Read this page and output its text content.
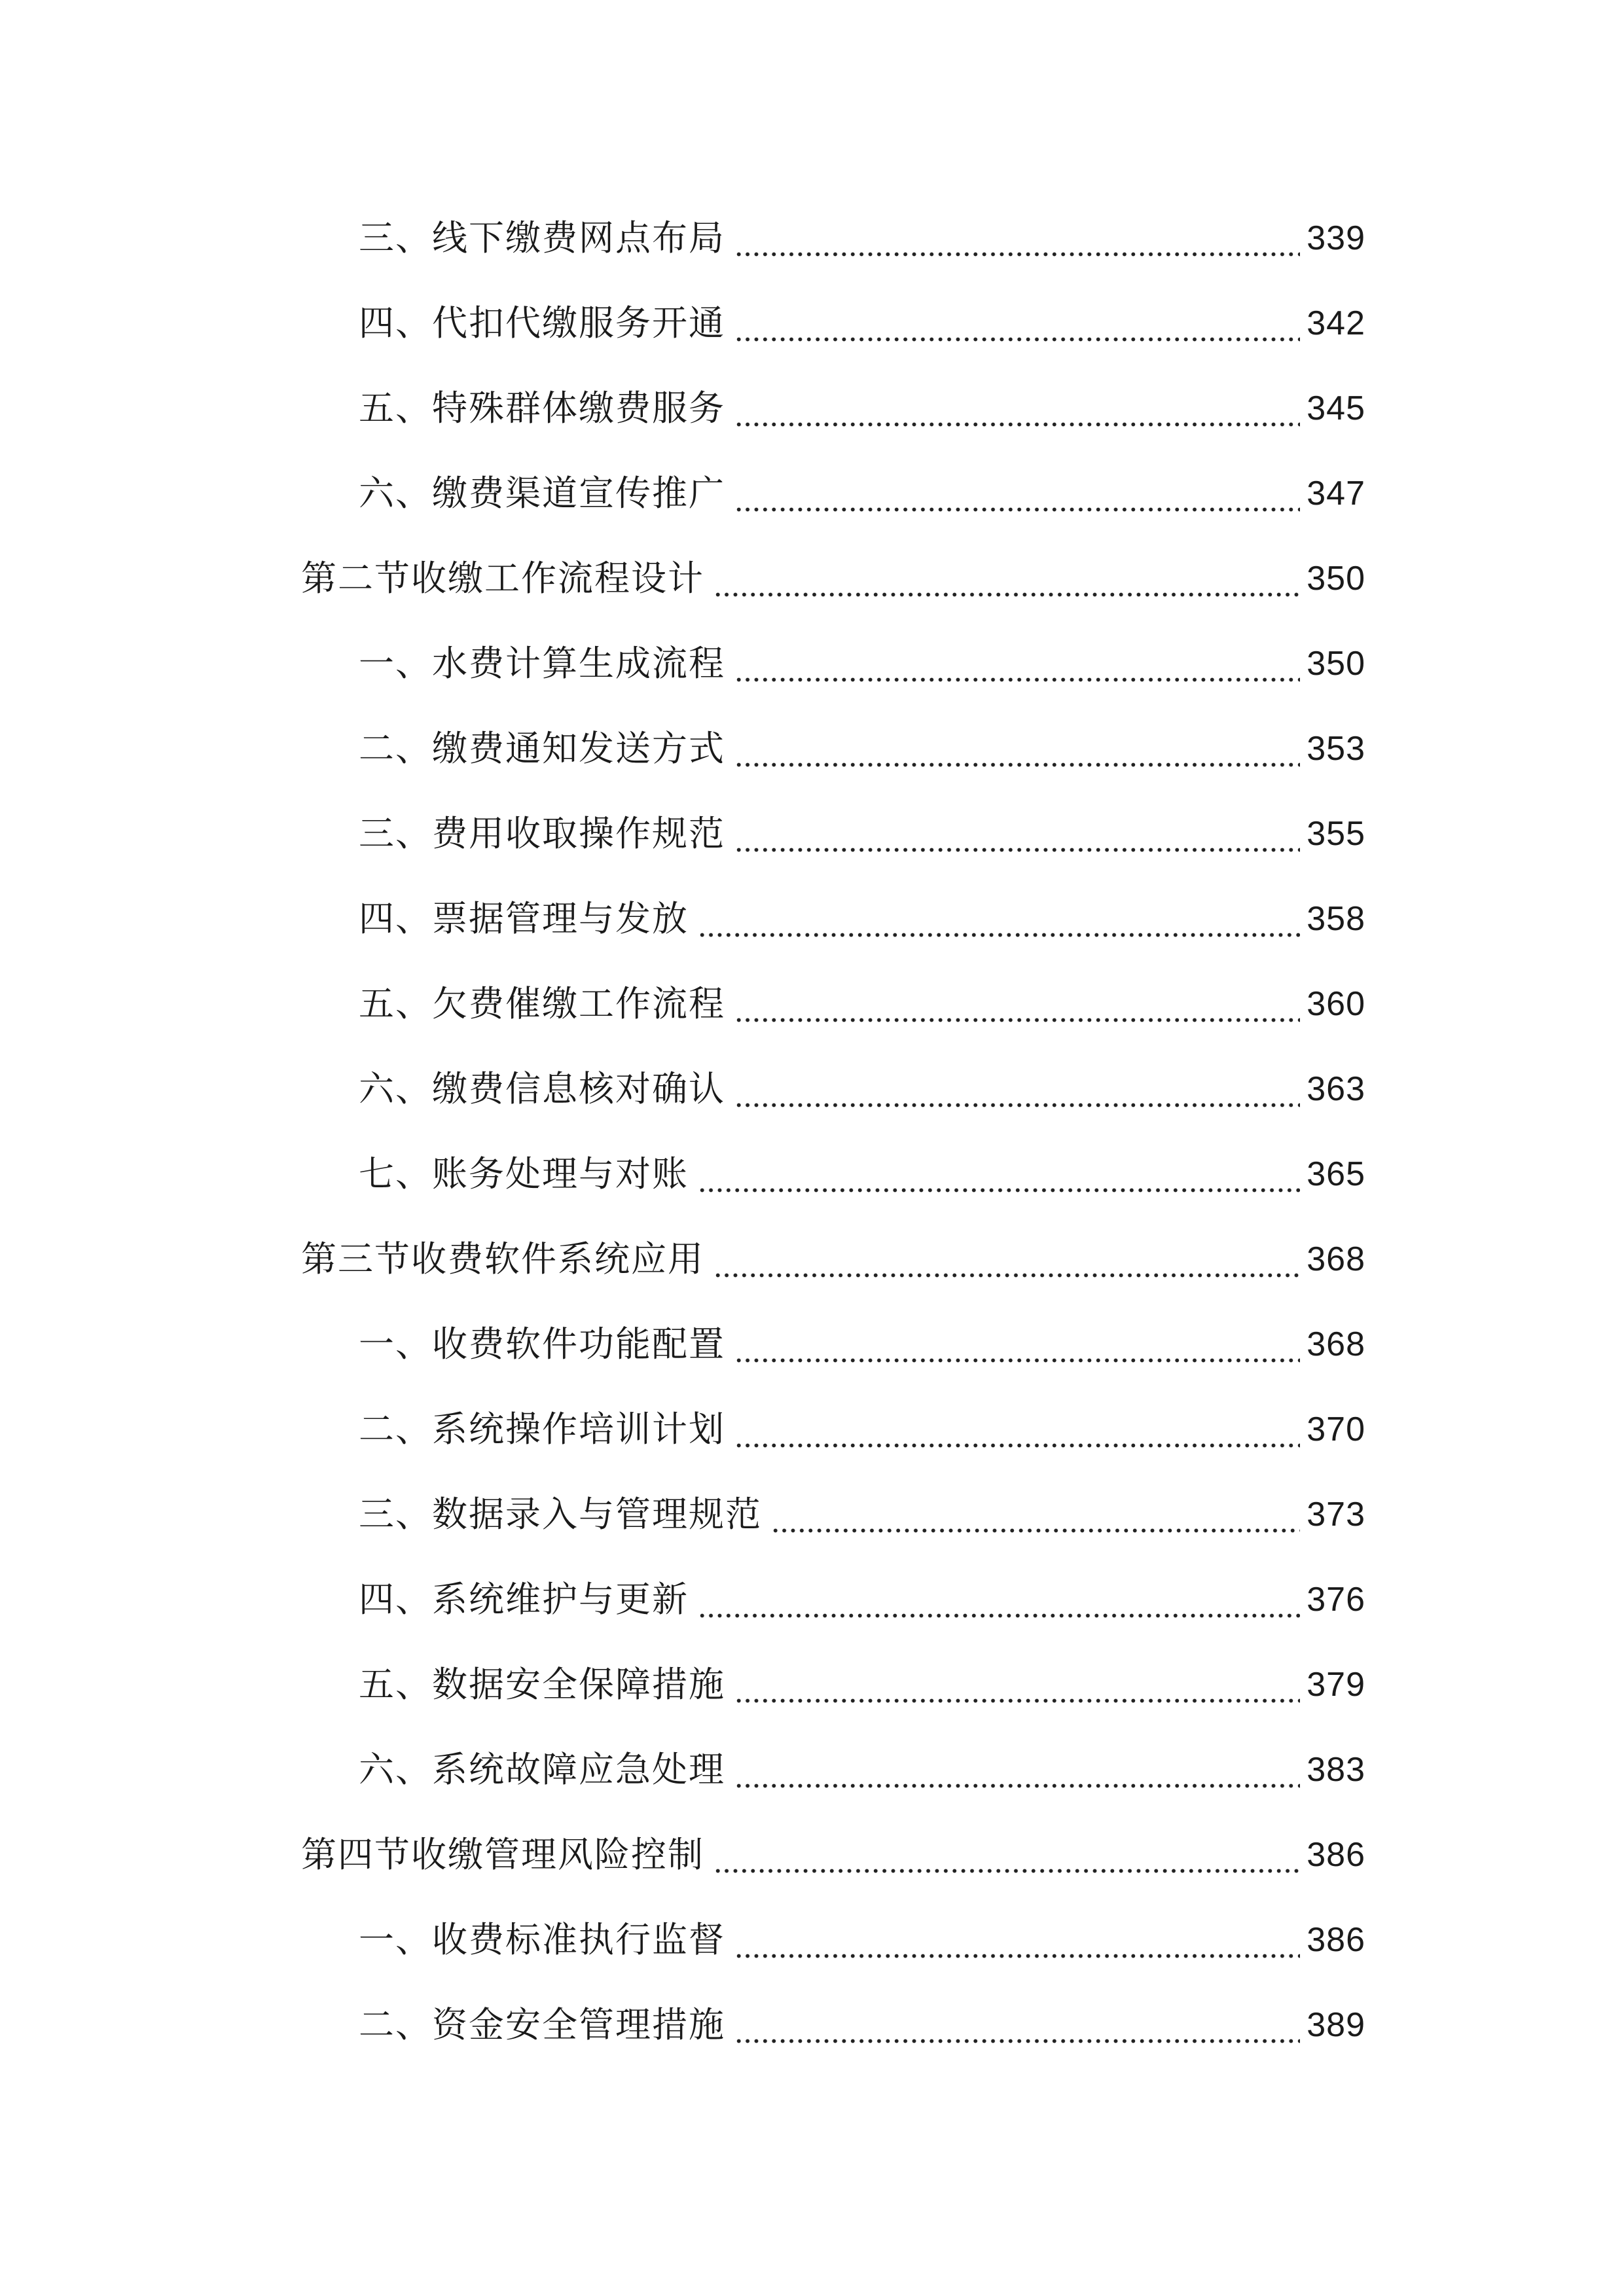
三、线下缴费网点布局	339
四、代扣代缴服务开通	342
五、特殊群体缴费服务	345
六、缴费渠道宣传推广	347
第二节收缴工作流程设计	350
一、水费计算生成流程	350
二、缴费通知发送方式	353
三、费用收取操作规范	355
四、票据管理与发放	358
五、欠费催缴工作流程	360
六、缴费信息核对确认	363
七、账务处理与对账	365
第三节收费软件系统应用	368
一、收费软件功能配置	368
二、系统操作培训计划	370
三、数据录入与管理规范	373
四、系统维护与更新	376
五、数据安全保障措施	379
六、系统故障应急处理	383
第四节收缴管理风险控制	386
一、收费标准执行监督	386
二、资金安全管理措施	389
